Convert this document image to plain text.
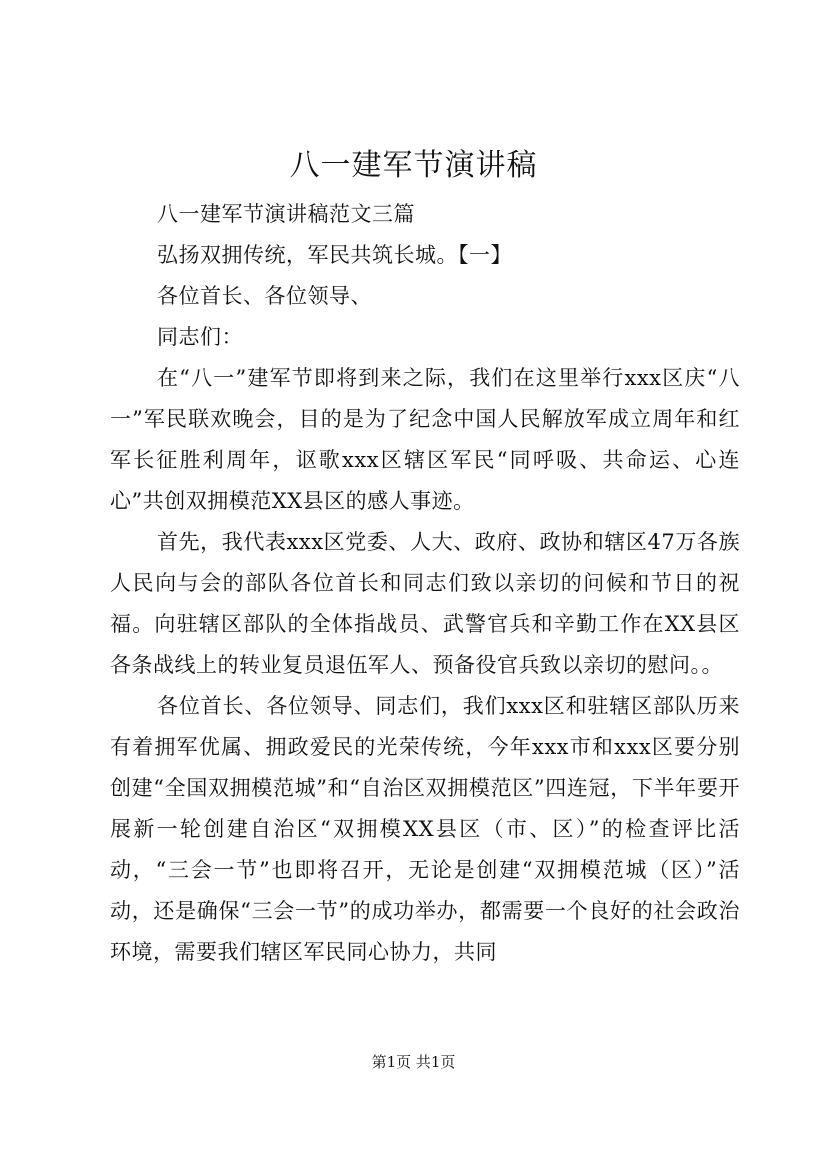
八一建军节演讲稿

八一建军节演讲稿范文三篇

弘扬双拥传统，军民共筑长城。【一】

各位首长、各位领导、

同志们：

在“八一”建军节即将到来之际，我们在这里举行xxx区庆“八一”军民联欢晚会，目的是为了纪念中国人民解放军成立周年和红军长征胜利周年，讴歌xxx区辖区军民“同呼吸、共命运、心连心”共创双拥模范XX县区的感人事迹。

首先，我代表xxx区党委、人大、政府、政协和辖区47万各族人民向与会的部队各位首长和同志们致以亲切的问候和节日的祝福。向驻辖区部队的全体指战员、武警官兵和辛勤工作在XX县区各条战线上的转业复员退伍军人、预备役官兵致以亲切的慰问。。

各位首长、各位领导、同志们，我们xxx区和驻辖区部队历来有着拥军优属、拥政爱民的光荣传统，今年xxx市和xxx区要分别创建“全国双拥模范城”和“自治区双拥模范区”四连冠，下半年要开展新一轮创建自治区“双拥模XX县区（市、区）”的检查评比活动，“三会一节”也即将召开，无论是创建“双拥模范城（区）”活动，还是确保“三会一节”的成功举办，都需要一个良好的社会政治环境，需要我们辖区军民同心协力，共同

第1页 共1页
